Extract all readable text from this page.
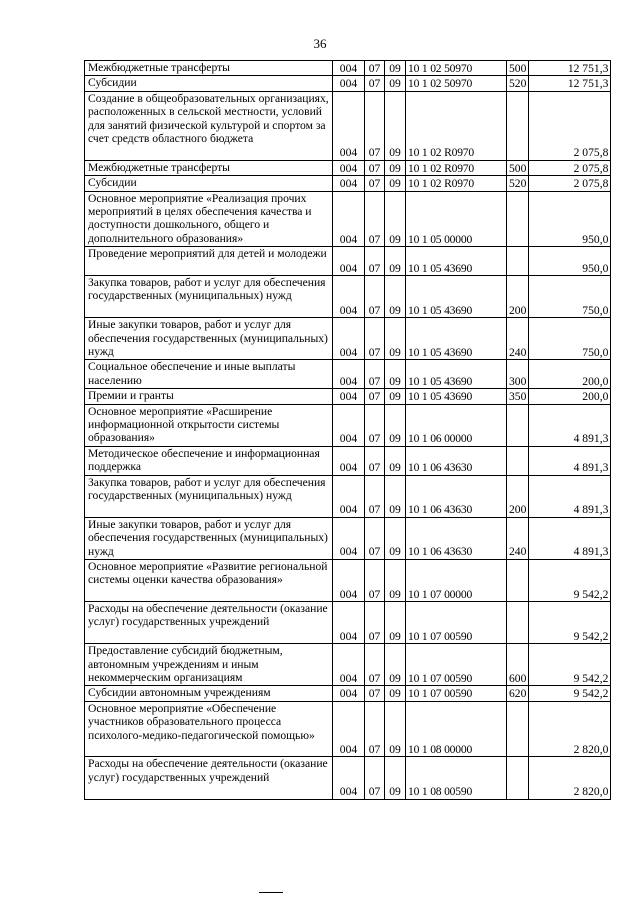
36
Межбюджетные трансферты	004	07	09	10 1 02 50970	500	12 751,3
Субсидии	004	07	09	10 1 02 50970	520	12 751,3
Создание в общеобразовательных организациях, расположенных в сельской местности, условий для занятий физической культурой и спортом за счет средств областного бюджета	004	07	09	10 1 02 R0970		2 075,8
Межбюджетные трансферты	004	07	09	10 1 02 R0970	500	2 075,8
Субсидии	004	07	09	10 1 02 R0970	520	2 075,8
Основное мероприятие «Реализация прочих мероприятий в целях обеспечения качества и доступности дошкольного, общего и дополнительного образования»	004	07	09	10 1 05 00000		950,0
Проведение мероприятий для детей и молодежи	004	07	09	10 1 05 43690		950,0
Закупка товаров, работ и услуг для обеспечения государственных (муниципальных) нужд	004	07	09	10 1 05 43690	200	750,0
Иные закупки товаров, работ и услуг для обеспечения государственных (муниципальных) нужд	004	07	09	10 1 05 43690	240	750,0
Социальное обеспечение и иные выплаты населению	004	07	09	10 1 05 43690	300	200,0
Премии и гранты	004	07	09	10 1 05 43690	350	200,0
Основное мероприятие «Расширение информационной открытости системы образования»	004	07	09	10 1 06 00000		4 891,3
Методическое обеспечение и информационная поддержка	004	07	09	10 1 06 43630		4 891,3
Закупка товаров, работ и услуг для обеспечения государственных (муниципальных) нужд	004	07	09	10 1 06 43630	200	4 891,3
Иные закупки товаров, работ и услуг для обеспечения государственных (муниципальных) нужд	004	07	09	10 1 06 43630	240	4 891,3
Основное мероприятие «Развитие региональной системы оценки качества образования»	004	07	09	10 1 07 00000		9 542,2
Расходы на обеспечение деятельности (оказание услуг) государственных учреждений	004	07	09	10 1 07 00590		9 542,2
Предоставление субсидий бюджетным, автономным учреждениям и иным некоммерческим организациям	004	07	09	10 1 07 00590	600	9 542,2
Субсидии автономным учреждениям	004	07	09	10 1 07 00590	620	9 542,2
Основное мероприятие «Обеспечение участников образовательного процесса психолого-медико-педагогической помощью»	004	07	09	10 1 08 00000		2 820,0
Расходы на обеспечение деятельности (оказание услуг) государственных учреждений	004	07	09	10 1 08 00590		2 820,0
